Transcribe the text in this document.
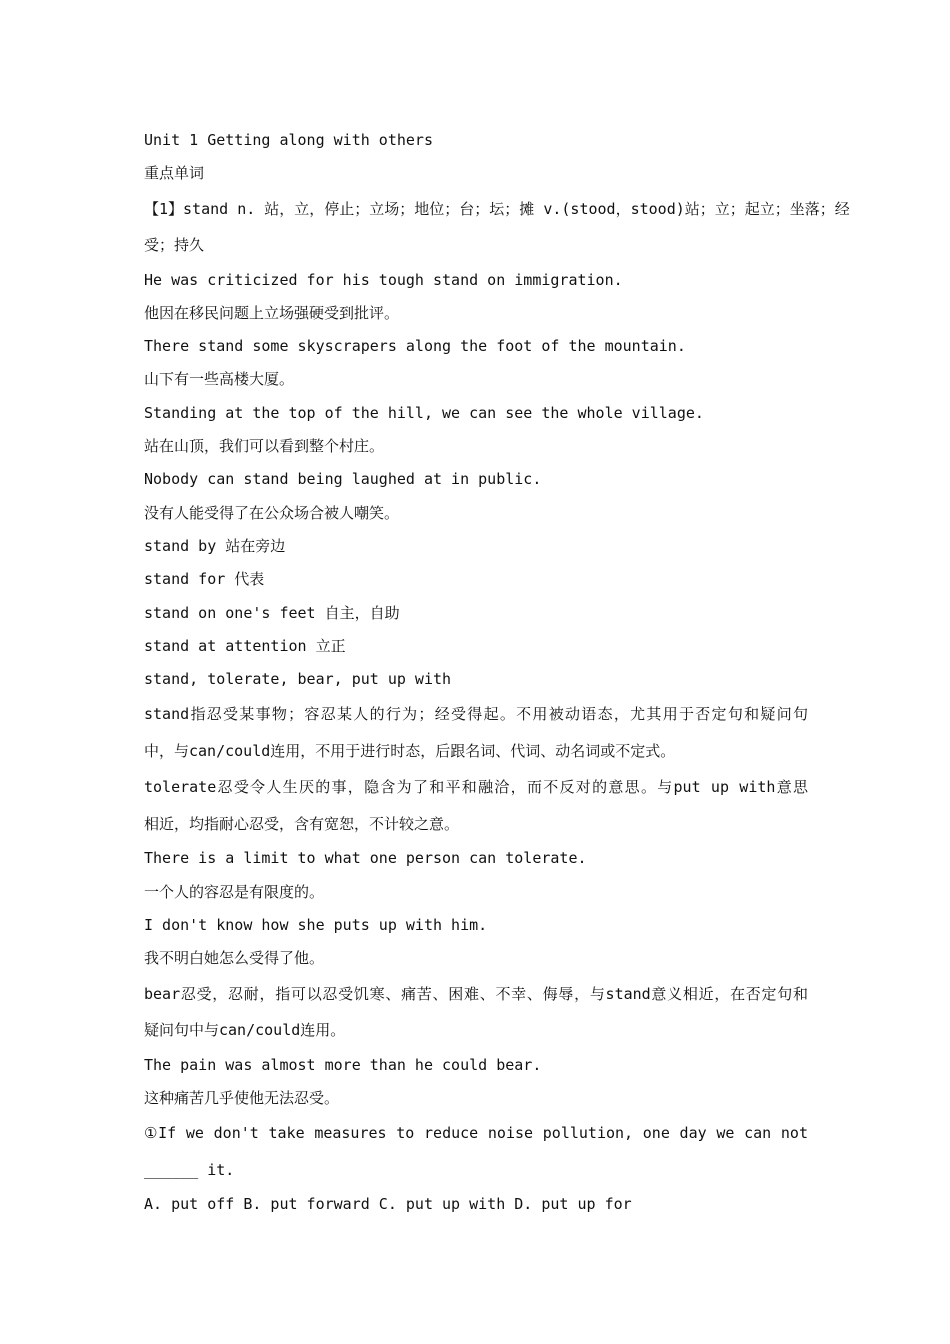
Unit 1 Getting along with others
重点单词
【1】stand n. 站，立，停止；立场；地位；台；坛；摊 v.(stood，stood)站；立；起立；坐落；经
受；持久
He was criticized for his tough stand on immigration.
他因在移民问题上立场强硬受到批评。
There stand some skyscrapers along the foot of the mountain.
山下有一些高楼大厦。
Standing at the top of the hill, we can see the whole village.
站在山顶，我们可以看到整个村庄。
Nobody can stand being laughed at in public.
没有人能受得了在公众场合被人嘲笑。
stand by 站在旁边
stand for 代表
stand on one's feet 自主，自助
stand at attention 立正
stand, tolerate, bear, put up with
stand指忍受某事物；容忍某人的行为；经受得起。不用被动语态，尤其用于否定句和疑问句
中，与can/could连用，不用于进行时态，后跟名词、代词、动名词或不定式。
tolerate忍受令人生厌的事，隐含为了和平和融洽，而不反对的意思。与put up with意思
相近，均指耐心忍受，含有宽恕，不计较之意。
There is a limit to what one person can tolerate.
一个人的容忍是有限度的。
I don't know how she puts up with him.
我不明白她怎么受得了他。
bear忍受，忍耐，指可以忍受饥寒、痛苦、困难、不幸、侮辱，与stand意义相近，在否定句和
疑问句中与can/could连用。
The pain was almost more than he could bear.
这种痛苦几乎使他无法忍受。
①If we don't take measures to reduce noise pollution, one day we can not
______ it.
A. put off B. put forward C. put up with D. put up for
